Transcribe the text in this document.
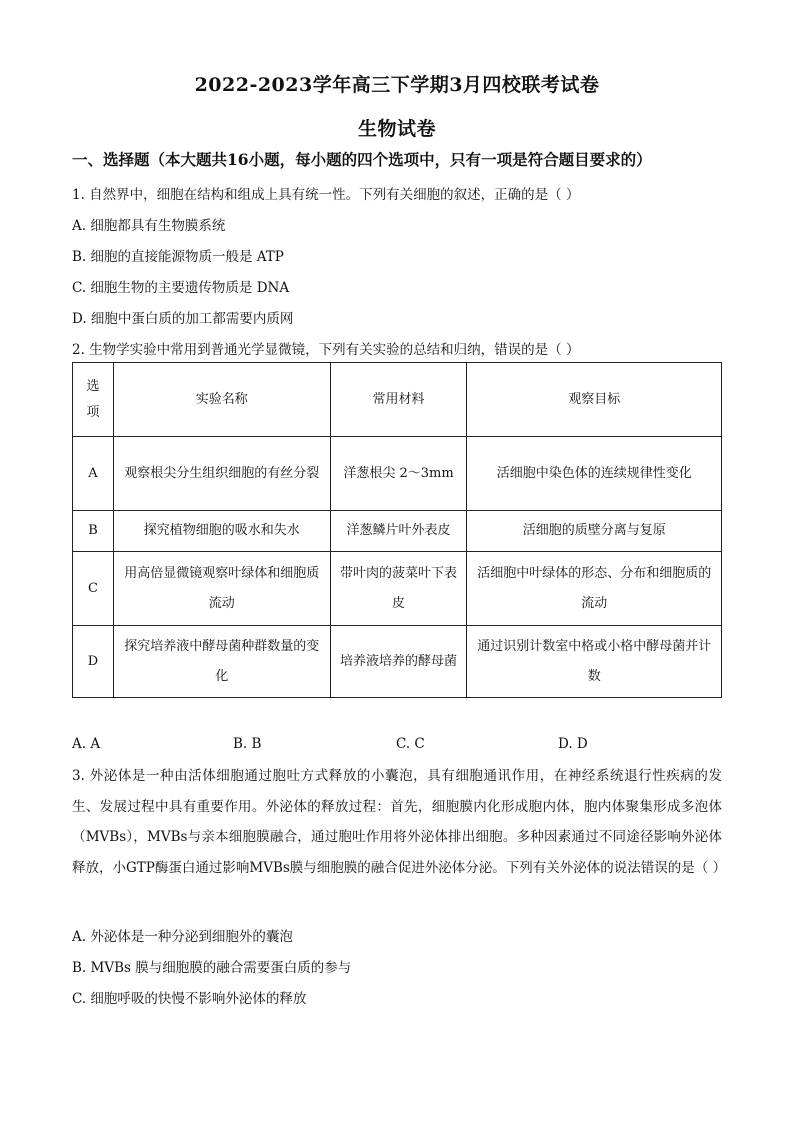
2022-2023学年高三下学期3月四校联考试卷
生物试卷
一、选择题（本大题共16小题，每小题的四个选项中，只有一项是符合题目要求的）
1. 自然界中，细胞在结构和组成上具有统一性。下列有关细胞的叙述，正确的是（ ）
A. 细胞都具有生物膜系统
B. 细胞的直接能源物质一般是 ATP
C. 细胞生物的主要遗传物质是 DNA
D. 细胞中蛋白质的加工都需要内质网
2. 生物学实验中常用到普通光学显微镜，下列有关实验的总结和归纳，错误的是（ ）
选项	实验名称	常用材料	观察目标
A	观察根尖分生组织细胞的有丝分裂	洋葱根尖 2～3mm	活细胞中染色体的连续规律性变化
B	探究植物细胞的吸水和失水	洋葱鳞片叶外表皮	活细胞的质壁分离与复原
C	用高倍显微镜观察叶绿体和细胞质流动	带叶肉的菠菜叶下表皮	活细胞中叶绿体的形态、分布和细胞质的流动
D	探究培养液中酵母菌种群数量的变化	培养液培养的酵母菌	通过识别计数室中格或小格中酵母菌并计数
A. A	B. B	C. C	D. D
3. 外泌体是一种由活体细胞通过胞吐方式释放的小囊泡，具有细胞通讯作用，在神经系统退行性疾病的发生、发展过程中具有重要作用。外泌体的释放过程：首先，细胞膜内化形成胞内体，胞内体聚集形成多泡体（MVBs），MVBs与亲本细胞膜融合，通过胞吐作用将外泌体排出细胞。多种因素通过不同途径影响外泌体释放，小GTP酶蛋白通过影响MVBs膜与细胞膜的融合促进外泌体分泌。下列有关外泌体的说法错误的是（ ）
A. 外泌体是一种分泌到细胞外的囊泡
B. MVBs 膜与细胞膜的融合需要蛋白质的参与
C. 细胞呼吸的快慢不影响外泌体的释放
